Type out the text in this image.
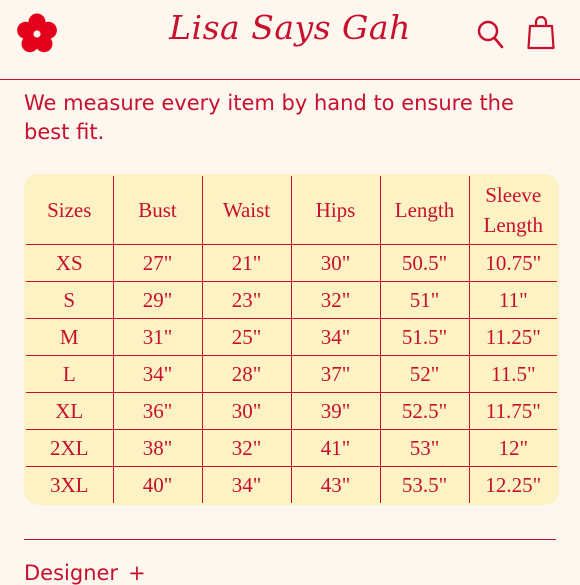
Lisa Says Gah
We measure every item by hand to ensure the best fit.
Sizes	Bust	Waist	Hips	Length	Sleeve
Length
XS	27"	21"	30"	50.5"	10.75"
S	29"	23"	32"	51"	11"
M	31"	25"	34"	51.5"	11.25"
L	34"	28"	37"	52"	11.5"
XL	36"	30"	39"	52.5"	11.75"
2XL	38"	32"	41"	53"	12"
3XL	40"	34"	43"	53.5"	12.25"
Designer +
